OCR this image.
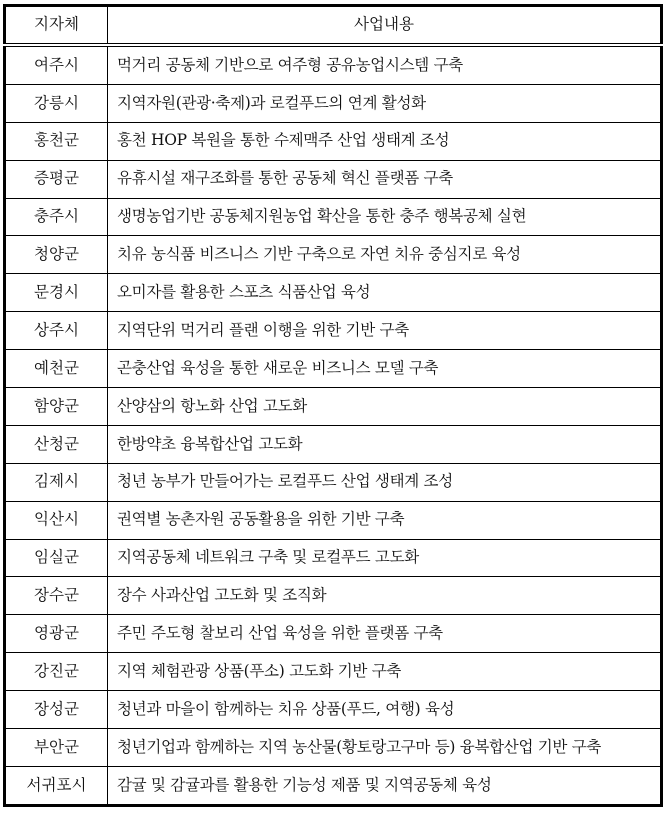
지자체	사업내용
여주시	먹거리 공동체 기반으로 여주형 공유농업시스템 구축
강릉시	지역자원(관광·축제)과 로컬푸드의 연계 활성화
홍천군	홍천 HOP 복원을 통한 수제맥주 산업 생태계 조성
증평군	유휴시설 재구조화를 통한 공동체 혁신 플랫폼 구축
충주시	생명농업기반 공동체지원농업 확산을 통한 충주 행복공체 실현
청양군	치유 농식품 비즈니스 기반 구축으로 자연 치유 중심지로 육성
문경시	오미자를 활용한 스포츠 식품산업 육성
상주시	지역단위 먹거리 플랜 이행을 위한 기반 구축
예천군	곤충산업 육성을 통한 새로운 비즈니스 모델 구축
함양군	산양삼의 항노화 산업 고도화
산청군	한방약초 융복합산업 고도화
김제시	청년 농부가 만들어가는 로컬푸드 산업 생태계 조성
익산시	권역별 농촌자원 공동활용을 위한 기반 구축
임실군	지역공동체 네트워크 구축 및 로컬푸드 고도화
장수군	장수 사과산업 고도화 및 조직화
영광군	주민 주도형 찰보리 산업 육성을 위한 플랫폼 구축
강진군	지역 체험관광 상품(푸소) 고도화 기반 구축
장성군	청년과 마을이 함께하는 치유 상품(푸드, 여행) 육성
부안군	청년기업과 함께하는 지역 농산물(황토랑고구마 등) 융복합산업 기반 구축
서귀포시	감귤 및 감귤과를 활용한 기능성 제품 및 지역공동체 육성
